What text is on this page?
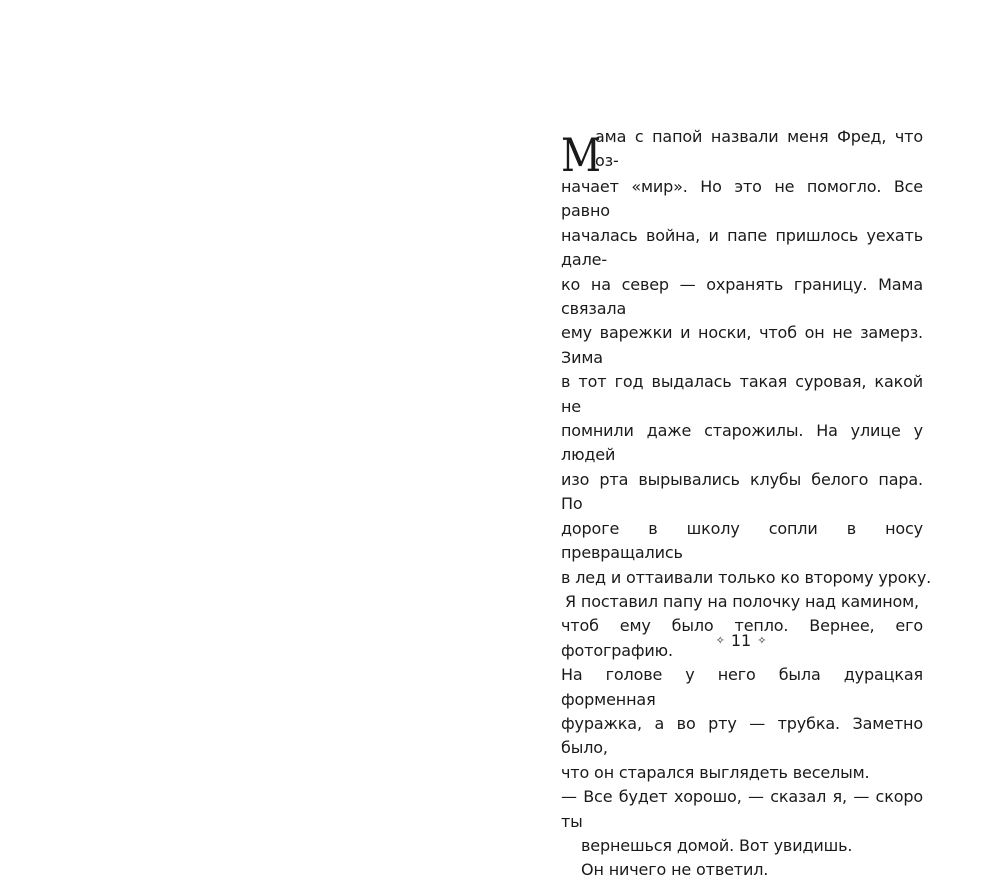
М
ама с папой назвали меня Фред, что оз-
начает «мир». Но это не помогло. Все равно
началась война, и папе пришлось уехать дале-
ко на север — охранять границу. Мама связала
ему варежки и носки, чтоб он не замерз. Зима
в тот год выдалась такая суровая, какой не
помнили даже старожилы. На улице у людей
изо рта вырывались клубы белого пара. По
дороге в школу сопли в носу превращались
в лед и оттаивали только ко второму уроку.
Я поставил папу на полочку над камином,
чтоб ему было тепло. Вернее, его фотографию.
На голове у него была дурацкая форменная
фуражка, а во рту — трубка. Заметно было,
что он старался выглядеть веселым.
— Все будет хорошо, — сказал я, — скоро ты
вернешься домой. Вот увидишь.
Он ничего не ответил.
✧ 11 ✧
